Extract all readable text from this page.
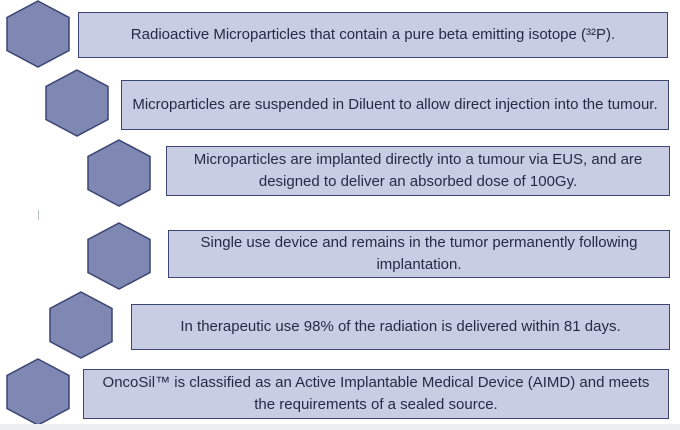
Radioactive Microparticles that contain a pure beta emitting isotope (³²P).
Microparticles are suspended in Diluent to allow direct injection into the tumour.
Microparticles are implanted directly into a tumour via EUS, and are designed to deliver an absorbed dose of 100Gy.
Single use device and remains in the tumor permanently following implantation.
In therapeutic use 98% of the radiation is delivered within 81 days.
OncoSil™ is classified as an Active Implantable Medical Device (AIMD) and meets the requirements of a sealed source.
